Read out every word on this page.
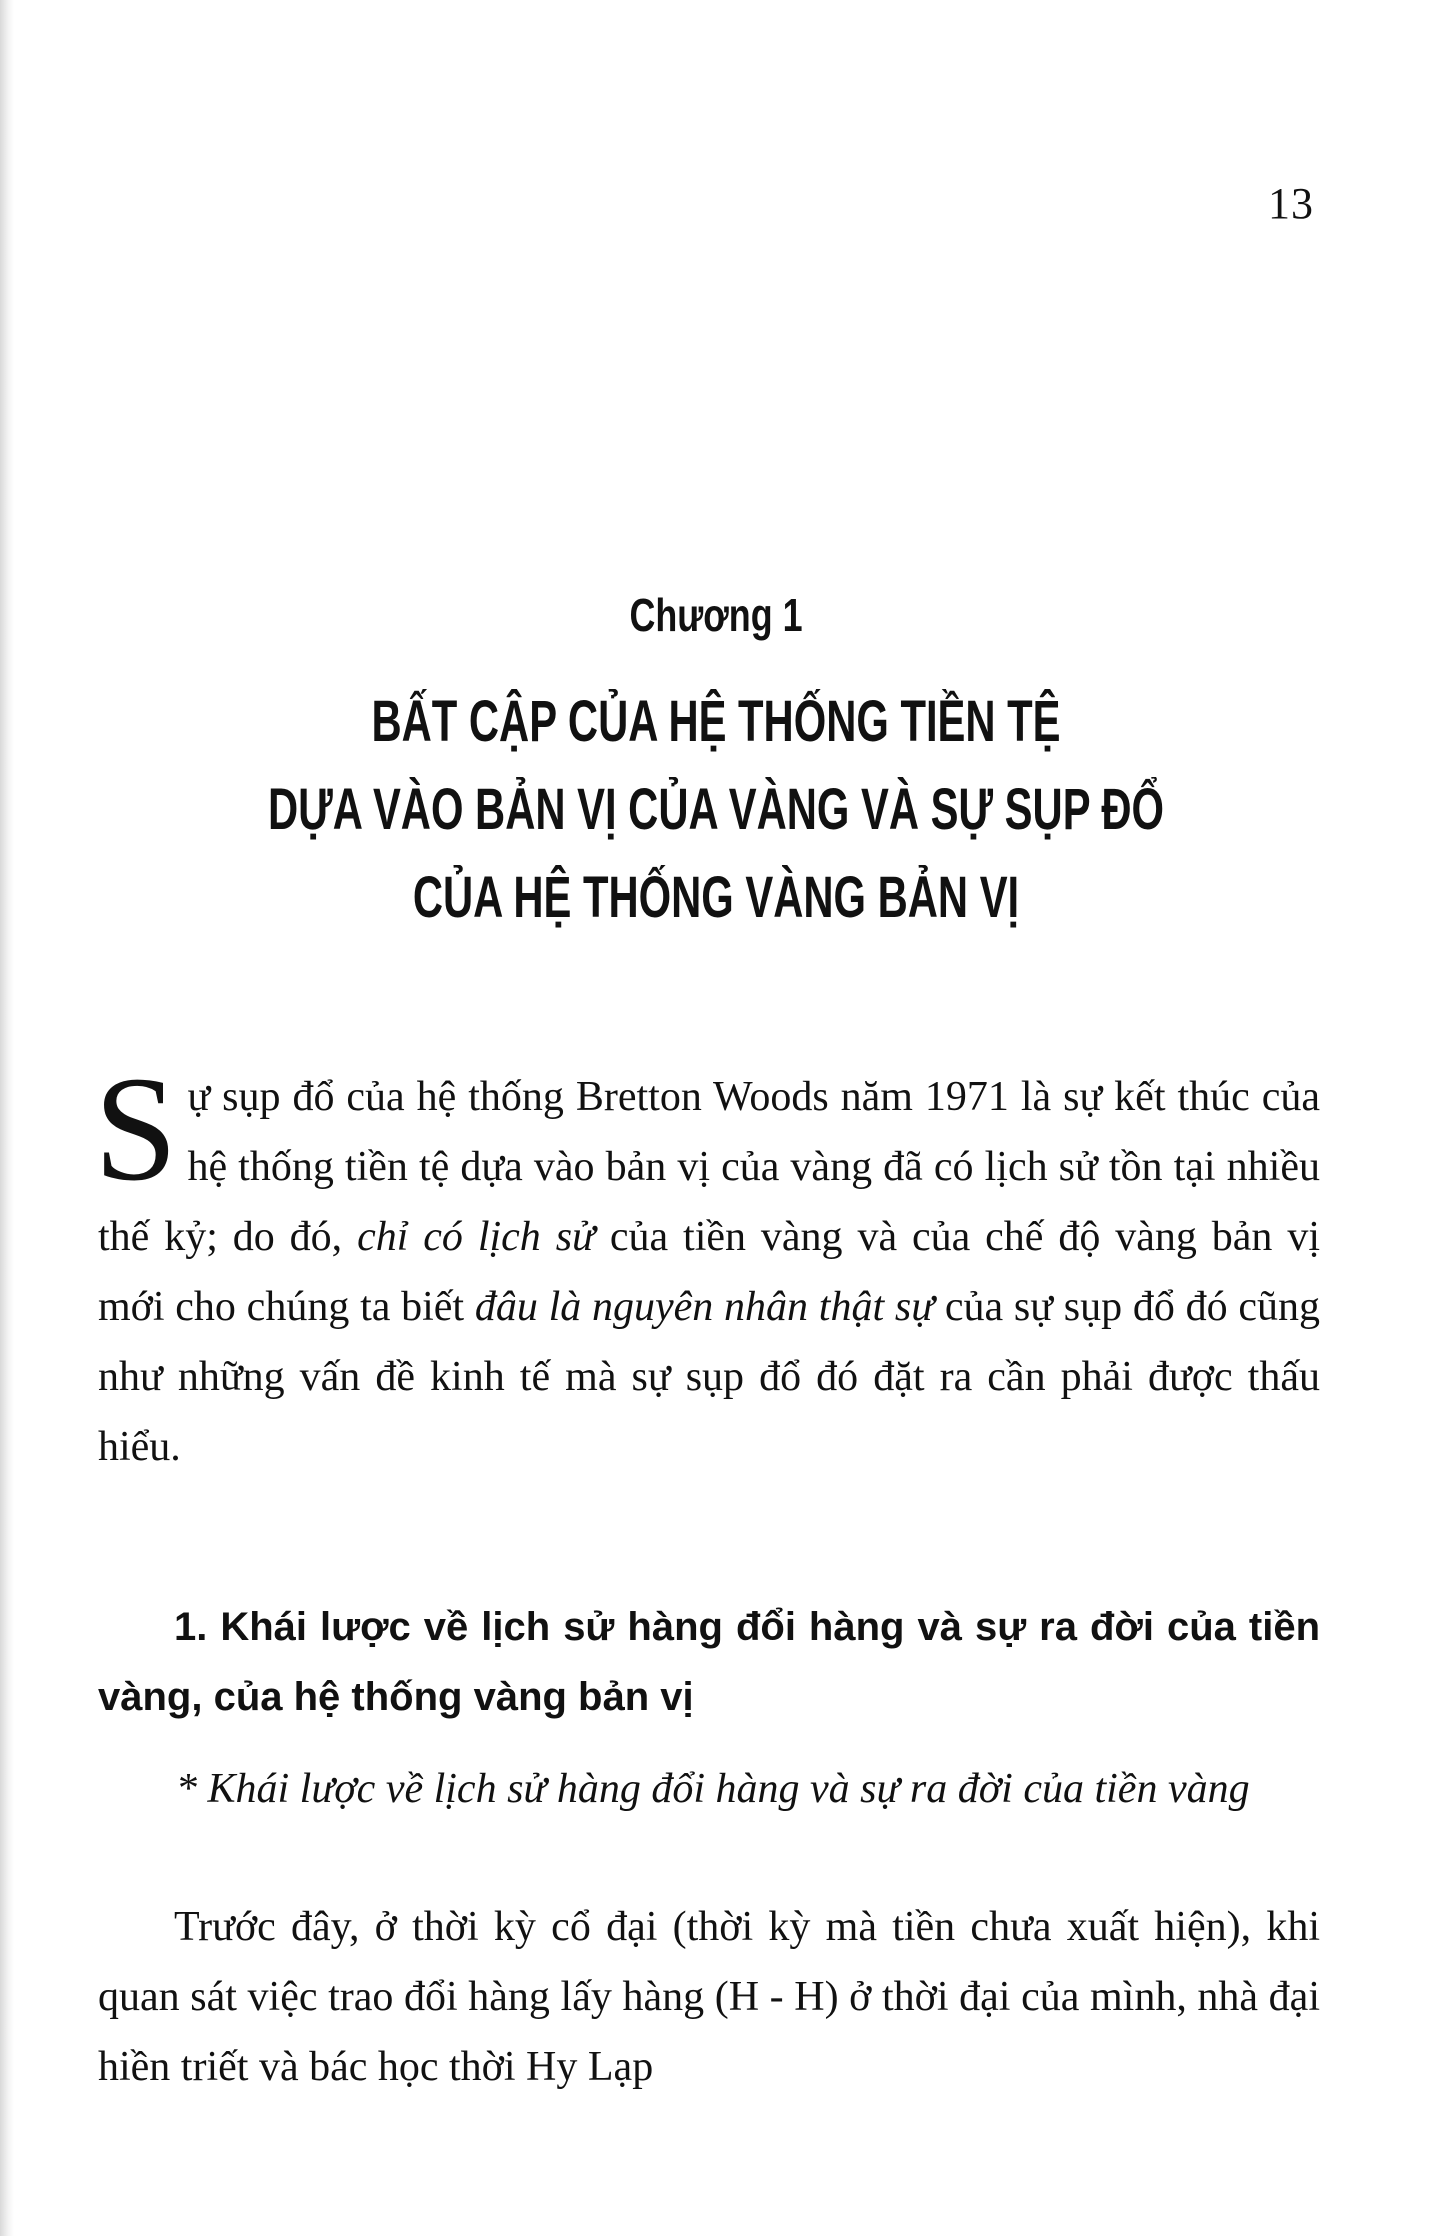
13
Chương 1
BẤT CẬP CỦA HỆ THỐNG TIỀN TỆ
DỰA VÀO BẢN VỊ CỦA VÀNG VÀ SỰ SỤP ĐỔ
CỦA HỆ THỐNG VÀNG BẢN VỊ
Sự sụp đổ của hệ thống Bretton Woods năm 1971 là sự kết thúc của hệ thống tiền tệ dựa vào bản vị của vàng đã có lịch sử tồn tại nhiều thế kỷ; do đó, chỉ có lịch sử của tiền vàng và của chế độ vàng bản vị mới cho chúng ta biết đâu là nguyên nhân thật sự của sự sụp đổ đó cũng như những vấn đề kinh tế mà sự sụp đổ đó đặt ra cần phải được thấu hiểu.
1. Khái lược về lịch sử hàng đổi hàng và sự ra đời của tiền vàng, của hệ thống vàng bản vị
* Khái lược về lịch sử hàng đổi hàng và sự ra đời của tiền vàng
Trước đây, ở thời kỳ cổ đại (thời kỳ mà tiền chưa xuất hiện), khi quan sát việc trao đổi hàng lấy hàng (H - H) ở thời đại của mình, nhà đại hiền triết và bác học thời Hy Lạp
